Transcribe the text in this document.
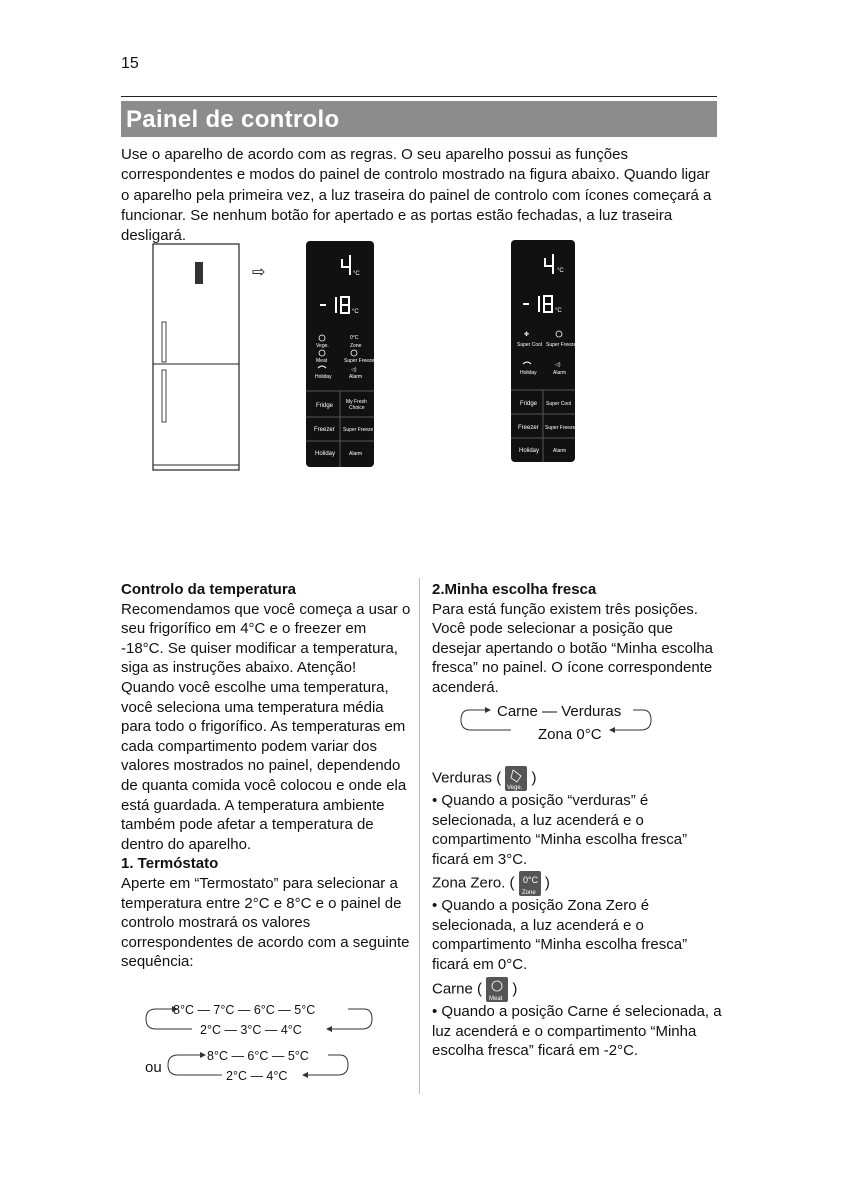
15
Painel de controlo
Use o aparelho de acordo com as regras. O seu aparelho possui as funções correspondentes e modos do painel de controlo mostrado na figura abaixo. Quando ligar o aparelho pela primeira vez, a luz traseira do painel de controlo com ícones começará a funcionar. Se nenhum botão for apertado e as portas estão fechadas, a luz traseira desligará.
⇨	°C
°C
Vege.
0°C
Zone
Meat	Super Freeze
Holiday
◁)
Alarm
Fridge
My Fresh
Choice
Freezer Super Freeze
Holiday	Alarm
°C
°C
✤
Super Cool Super Freeze
Holiday
◁)
Alarm
Fridge Super Cool
Freezer Super Freeze
Holiday	Alarm
Controlo da temperatura
Recomendamos que você começa a usar o seu frigorífico em 4°C e o freezer em -18°C. Se quiser modificar a temperatura, siga as instruções abaixo. Atenção! Quando você escolhe uma temperatura, você seleciona uma temperatura média para todo o frigorífico. As temperaturas em cada compartimento podem variar dos valores mostrados no painel, dependendo de quanta comida você colocou e onde ela está guardada. A temperatura ambiente também pode afetar a temperatura de dentro do aparelho.
1. Termóstato
Aperte em “Termostato” para selecionar a temperatura entre 2°C e 8°C e o painel de controlo mostrará os valores correspondentes de acordo com a seguinte sequência:
8°C — 7°C — 6°C — 5°C
2°C — 3°C — 4°C
ou
8°C — 6°C — 5°C
2°C — 4°C
2.Minha escolha fresca
Para está função existem três posições. Você pode selecionar a posição que desejar apertando o botão “Minha escolha fresca” no painel. O ícone correspondente acenderá.
Carne — Verduras
Zona 0°C
Verduras (
Vege.
)
• Quando a posição “verduras” é selecionada, a luz acenderá e o compartimento “Minha escolha fresca” ficará em 3°C.
Zona Zero. ( 0°C
Zone
)
• Quando a posição Zona Zero é selecionada, a luz acenderá e o compartimento “Minha escolha fresca” ficará em 0°C.
Carne (
Meat
)
• Quando a posição Carne é selecionada, a luz acenderá e o compartimento “Minha escolha fresca” ficará em -2°C.
